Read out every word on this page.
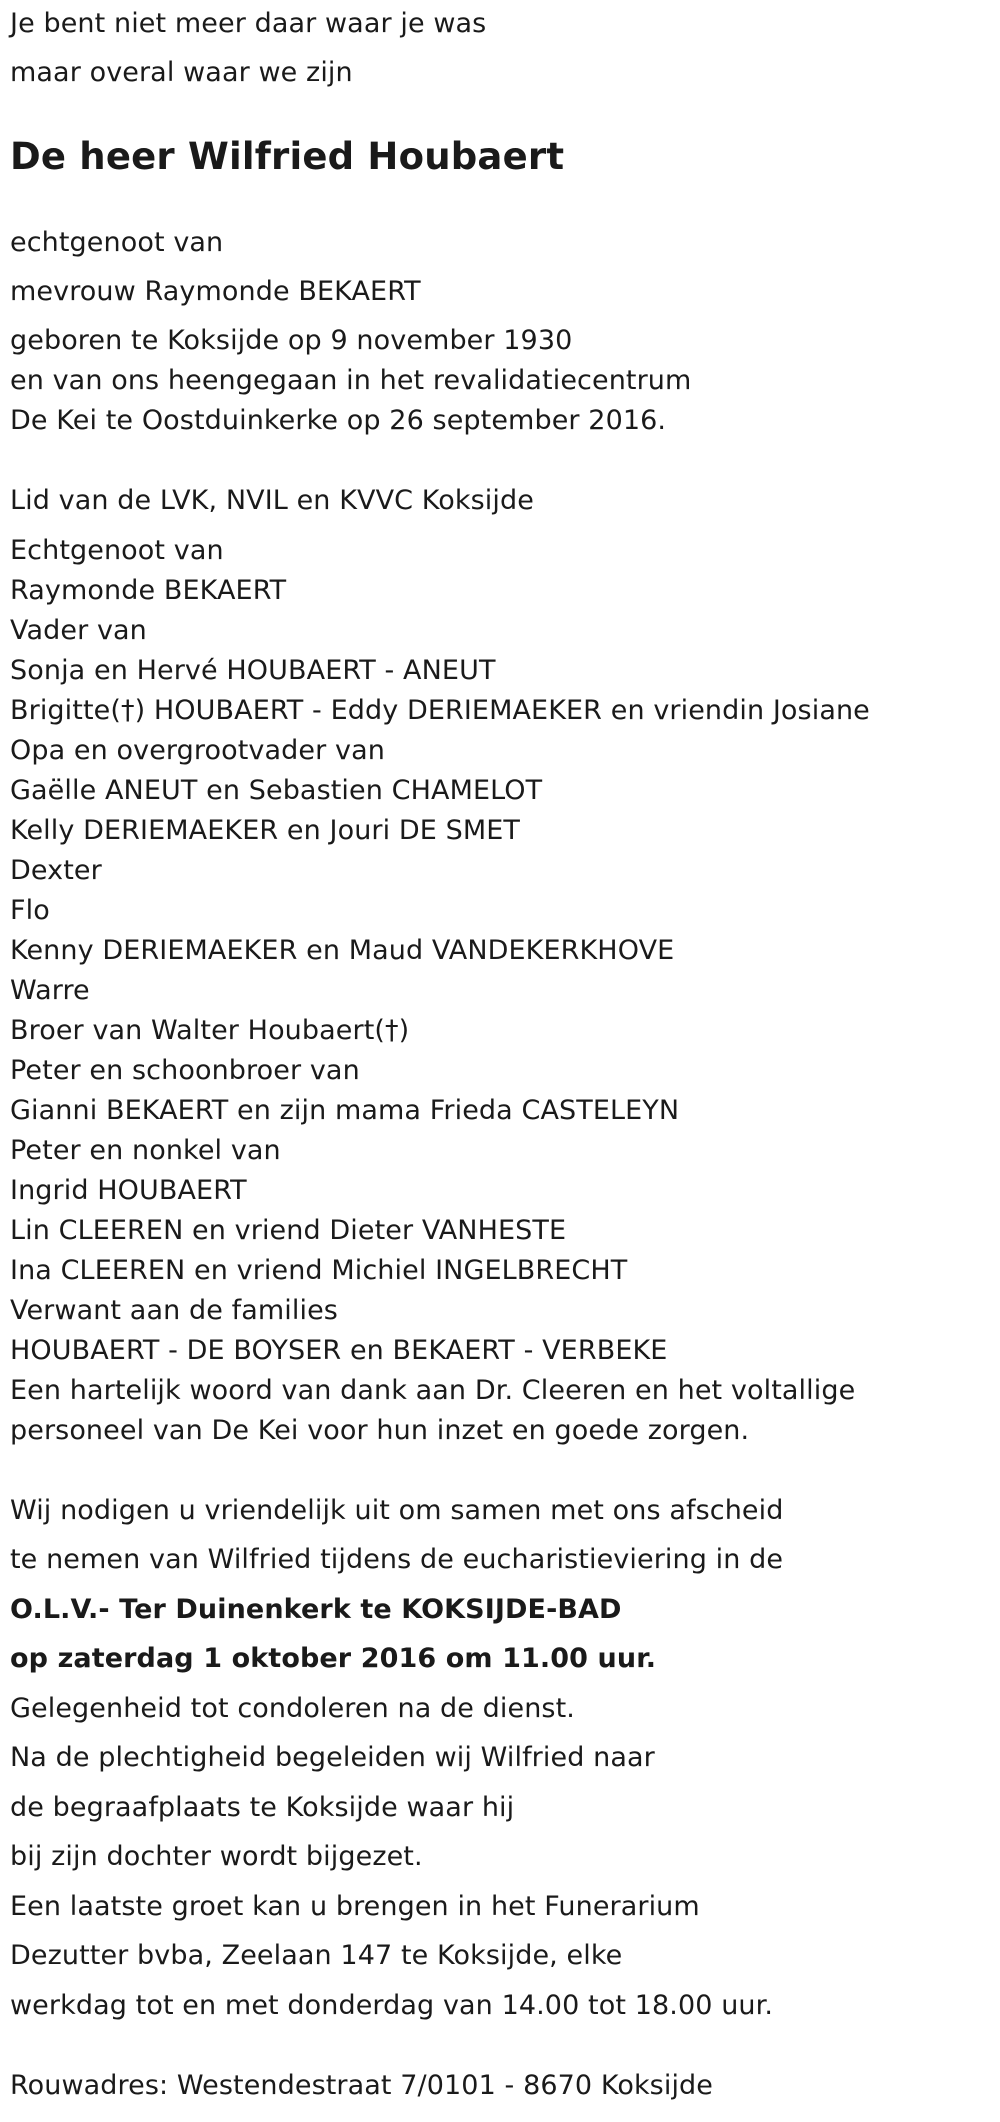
Je bent niet meer daar waar je was
maar overal waar we zijn
De heer Wilfried Houbaert
echtgenoot van
mevrouw Raymonde BEKAERT
geboren te Koksijde op 9 november 1930
en van ons heengegaan in het revalidatiecentrum
De Kei te Oostduinkerke op 26 september 2016.
Lid van de LVK, NVIL en KVVC Koksijde
Echtgenoot van
Raymonde BEKAERT
Vader van
Sonja en Hervé HOUBAERT - ANEUT
Brigitte(†) HOUBAERT - Eddy DERIEMAEKER en vriendin Josiane
Opa en overgrootvader van
Gaëlle ANEUT en Sebastien CHAMELOT
Kelly DERIEMAEKER en Jouri DE SMET
Dexter
Flo
Kenny DERIEMAEKER en Maud VANDEKERKHOVE
Warre
Broer van Walter Houbaert(†)
Peter en schoonbroer van
Gianni BEKAERT en zijn mama Frieda CASTELEYN
Peter en nonkel van
Ingrid HOUBAERT
Lin CLEEREN en vriend Dieter VANHESTE
Ina CLEEREN en vriend Michiel INGELBRECHT
Verwant aan de families
HOUBAERT - DE BOYSER en BEKAERT - VERBEKE
Een hartelijk woord van dank aan Dr. Cleeren en het voltallige
personeel van De Kei voor hun inzet en goede zorgen.
Wij nodigen u vriendelijk uit om samen met ons afscheid
te nemen van Wilfried tijdens de eucharistieviering in de
O.L.V.- Ter Duinenkerk te KOKSIJDE-BAD
op zaterdag 1 oktober 2016 om 11.00 uur.
Gelegenheid tot condoleren na de dienst.
Na de plechtigheid begeleiden wij Wilfried naar
de begraafplaats te Koksijde waar hij
bij zijn dochter wordt bijgezet.
Een laatste groet kan u brengen in het Funerarium
Dezutter bvba, Zeelaan 147 te Koksijde, elke
werkdag tot en met donderdag van 14.00 tot 18.00 uur.
Rouwadres: Westendestraat 7/0101 - 8670 Koksijde
